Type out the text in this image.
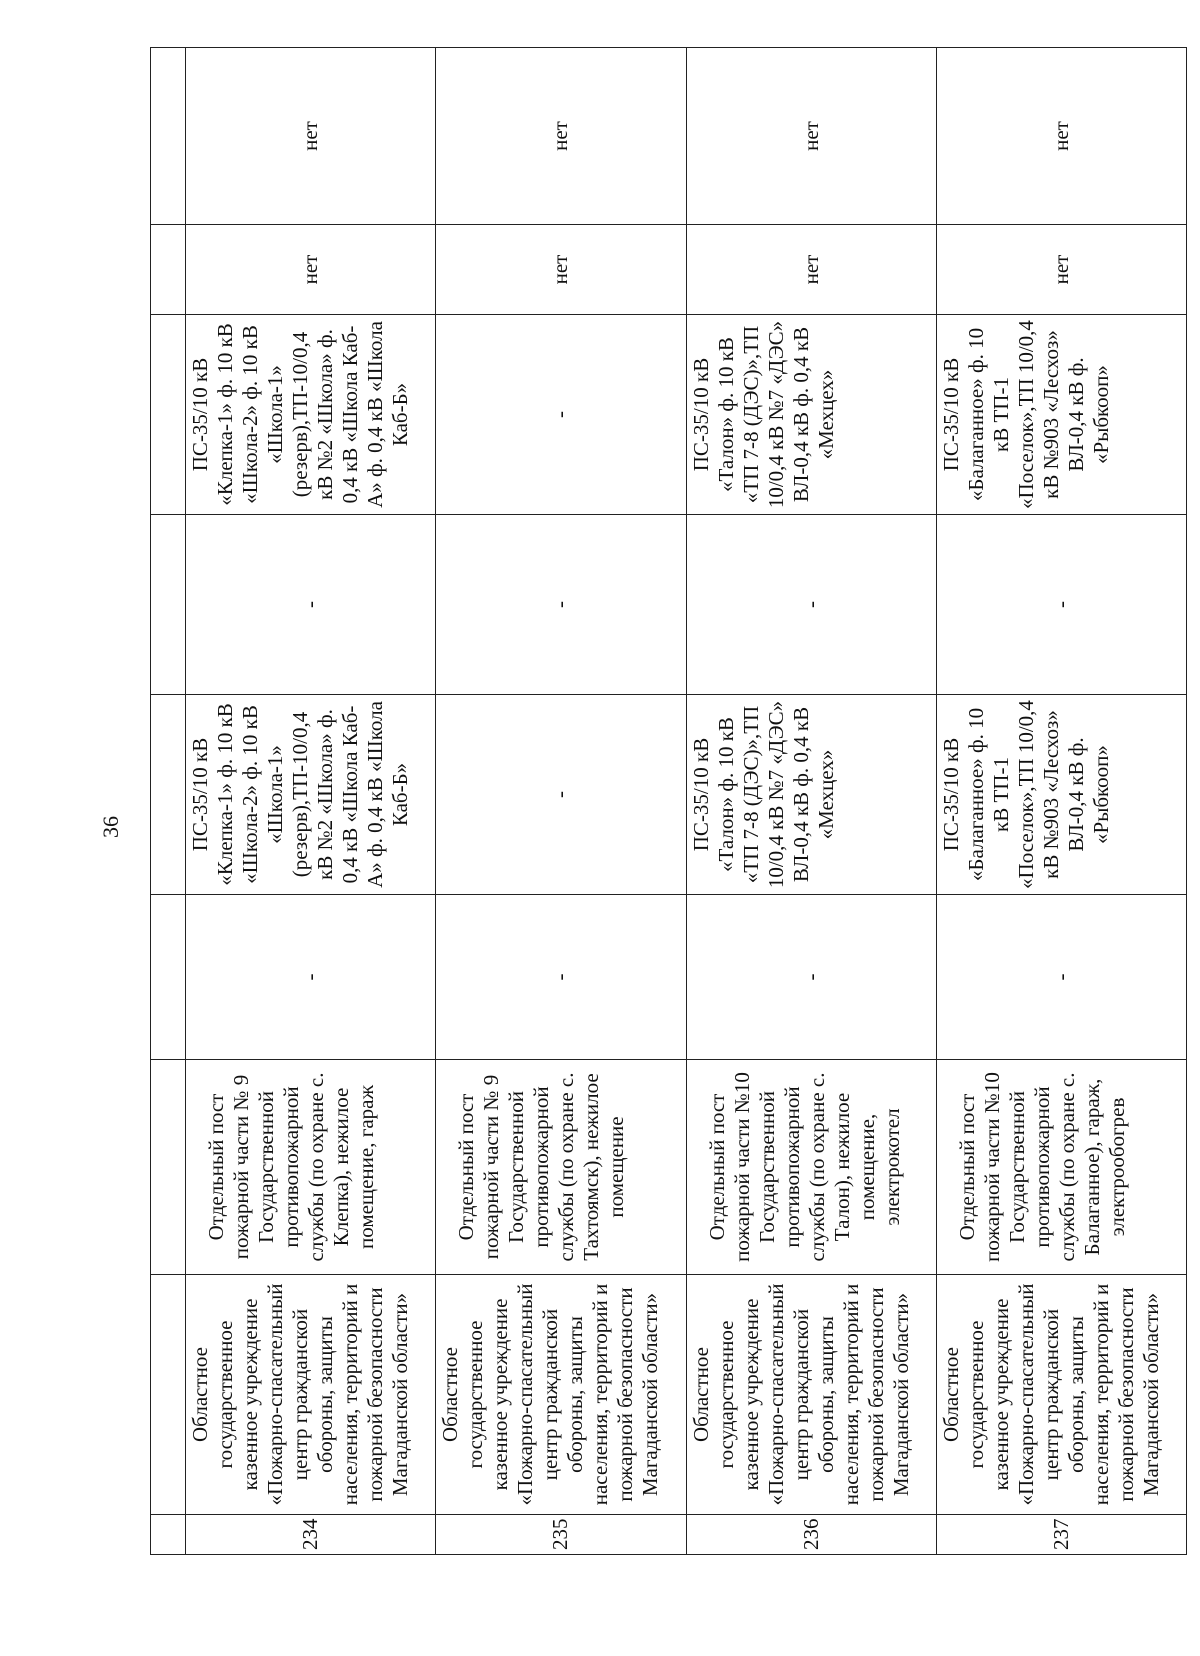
36

234	Областное государственное казенное учреждение «Пожарно-спасательный центр гражданской обороны, защиты населения, территорий и пожарной безопасности Магаданской области»	Отдельный пост пожарной части № 9 Государственной противопожарной службы (по охране с. Клепка), нежилое помещение, гараж	-	ПС-35/10 кВ «Клепка-1» ф. 10 кВ «Школа-2» ф. 10 кВ «Школа-1» (резерв),ТП-10/0,4 кВ №2 «Школа» ф. 0,4 кВ «Школа Каб-А» ф. 0,4 кВ «Школа Каб-Б»	-	ПС-35/10 кВ «Клепка-1» ф. 10 кВ «Школа-2» ф. 10 кВ «Школа-1» (резерв),ТП-10/0,4 кВ №2 «Школа» ф. 0,4 кВ «Школа Каб-А» ф. 0,4 кВ «Школа Каб-Б»	нет	нет
235	Областное государственное казенное учреждение «Пожарно-спасательный центр гражданской обороны, защиты населения, территорий и пожарной безопасности Магаданской области»	Отдельный пост пожарной части № 9 Государственной противопожарной службы (по охране с. Тахтоямск), нежилое помещение	-	-	-	-	нет	нет
236	Областное государственное казенное учреждение «Пожарно-спасательный центр гражданской обороны, защиты населения, территорий и пожарной безопасности Магаданской области»	Отдельный пост пожарной части №10 Государственной противопожарной службы (по охране с. Талон), нежилое помещение, электрокотел	-	ПС-35/10 кВ «Талон» ф. 10 кВ «ТП 7-8 (ДЭС)»,ТП 10/0,4 кВ №7 «ДЭС» ВЛ-0,4 кВ ф. 0,4 кВ «Мехцех»	-	ПС-35/10 кВ «Талон» ф. 10 кВ «ТП 7-8 (ДЭС)»,ТП 10/0,4 кВ №7 «ДЭС» ВЛ-0,4 кВ ф. 0,4 кВ «Мехцех»	нет	нет
237	Областное государственное казенное учреждение «Пожарно-спасательный центр гражданской обороны, защиты населения, территорий и пожарной безопасности Магаданской области»	Отдельный пост пожарной части №10 Государственной противопожарной службы (по охране с. Балаганное), гараж, электрообогрев	-	ПС-35/10 кВ «Балаганное» ф. 10 кВ ТП-1 «Поселок»,ТП 10/0,4 кВ №903 «Лесхоз» ВЛ-0,4 кВ ф. «Рыбкооп»	-	ПС-35/10 кВ «Балаганное» ф. 10 кВ ТП-1 «Поселок»,ТП 10/0,4 кВ №903 «Лесхоз» ВЛ-0,4 кВ ф. «Рыбкооп»	нет	нет
